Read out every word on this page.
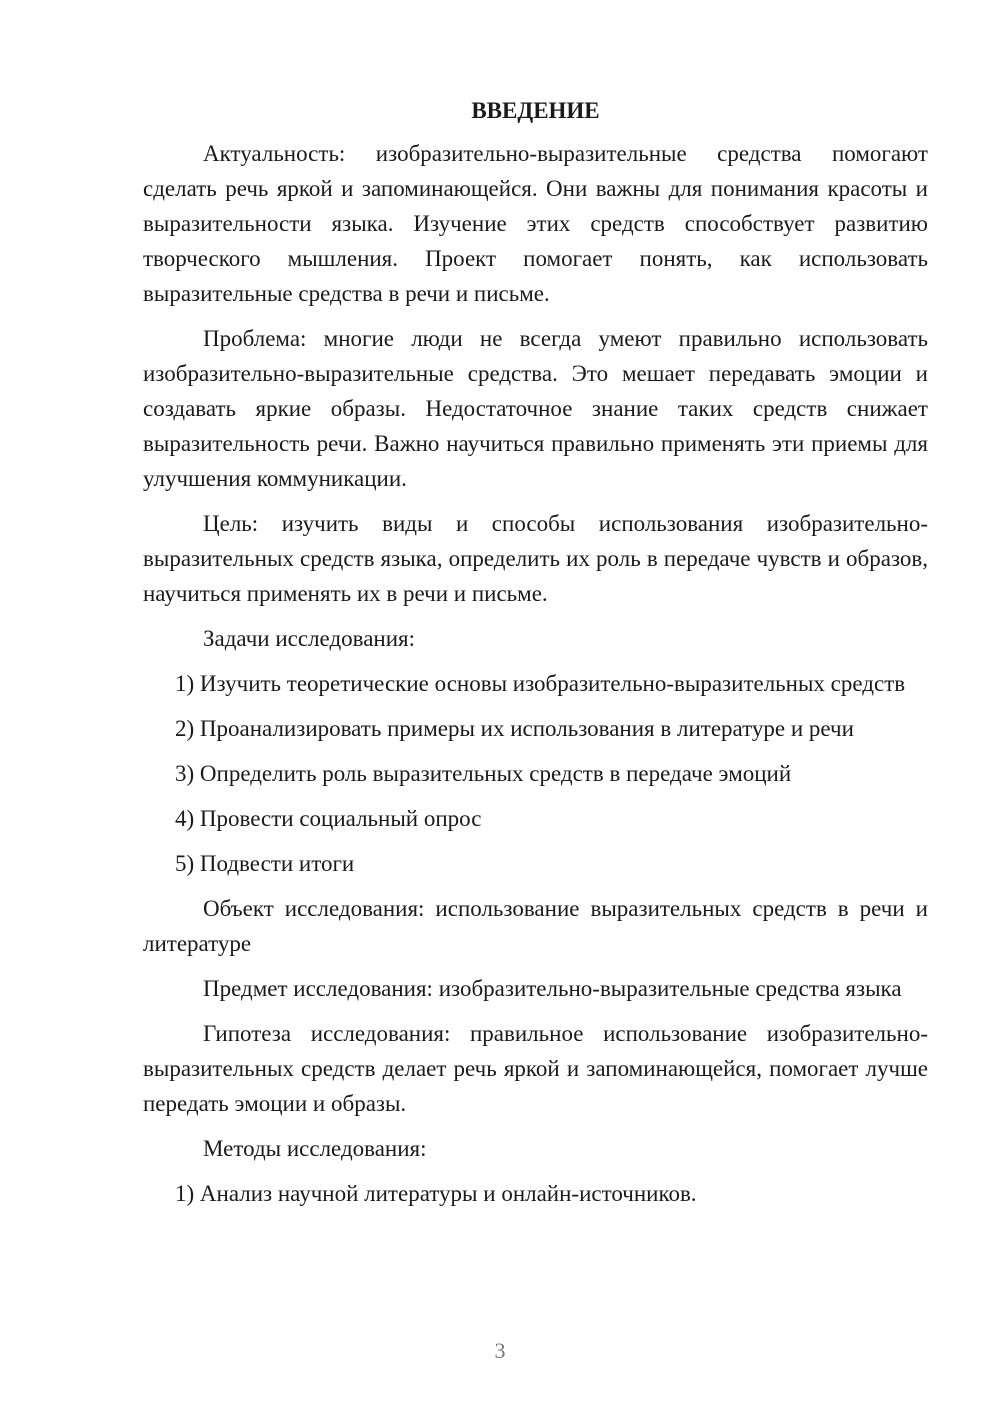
ВВЕДЕНИЕ

Актуальность: изобразительно-выразительные средства помогают сделать речь яркой и запоминающейся. Они важны для понимания красоты и выразительности языка. Изучение этих средств способствует развитию творческого мышления. Проект помогает понять, как использовать выразительные средства в речи и письме.

Проблема: многие люди не всегда умеют правильно использовать изобразительно-выразительные средства. Это мешает передавать эмоции и создавать яркие образы. Недостаточное знание таких средств снижает выразительность речи. Важно научиться правильно применять эти приемы для улучшения коммуникации.

Цель: изучить виды и способы использования изобразительно-выразительных средств языка, определить их роль в передаче чувств и образов, научиться применять их в речи и письме.

Задачи исследования:

1) Изучить теоретические основы изобразительно-выразительных средств

2) Проанализировать примеры их использования в литературе и речи

3) Определить роль выразительных средств в передаче эмоций

4) Провести социальный опрос

5) Подвести итоги

Объект исследования: использование выразительных средств в речи и литературе

Предмет исследования: изобразительно-выразительные средства языка

Гипотеза исследования: правильное использование изобразительно-выразительных средств делает речь яркой и запоминающейся, помогает лучше передать эмоции и образы.

Методы исследования:

1) Анализ научной литературы и онлайн-источников.

3
